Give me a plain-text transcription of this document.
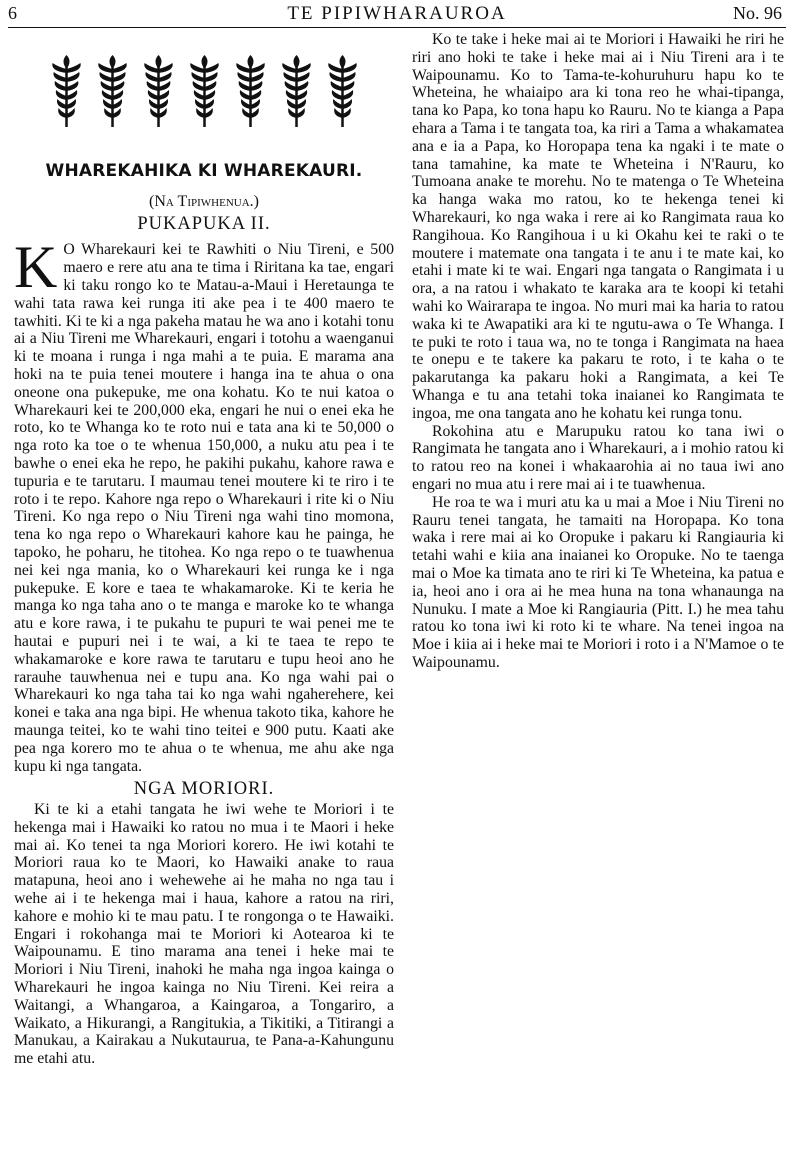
6	TE PIPIWHARAUROA	No. 96
WHAREKAHIKA KI WHAREKAURI.
(Na Tipiwhenua.)
PUKAPUKA II.

K O Wharekauri kei te Rawhiti o Niu Tireni, e 500 maero e rere atu ana te tima i Riritana ka tae, engari ki taku rongo ko te Matau-a-Maui i Heretaunga te wahi tata rawa kei runga iti ake pea i te 400 maero te tawhiti. Ki te ki a nga pakeha matau he wa ano i kotahi tonu ai a Niu Tireni me Wharekauri, engari i totohu a waenganui ki te moana i runga i nga mahi a te puia. E marama ana hoki na te puia tenei moutere i hanga ina te ahua o ona oneone ona pukepuke, me ona kohatu. Ko te nui katoa o Wharekauri kei te 200,000 eka, engari he nui o enei eka he roto, ko te Whanga ko te roto nui e tata ana ki te 50,000 o nga roto ka toe o te whenua 150,000, a nuku atu pea i te bawhe o enei eka he repo, he pakihi pukahu, kahore rawa e tupuria e te tarutaru. I maumau tenei moutere ki te riro i te roto i te repo. Kahore nga repo o Wharekauri i rite ki o Niu Tireni. Ko nga repo o Niu Tireni nga wahi tino momona, tena ko nga repo o Wharekauri kahore kau he painga, he tapoko, he poharu, he titohea. Ko nga repo o te tuawhenua nei kei nga mania, ko o Wharekauri kei runga ke i nga pukepuke. E kore e taea te whakamaroke. Ki te keria he manga ko nga taha ano o te manga e maroke ko te whanga atu e kore rawa, i te pukahu te pupuri te wai penei me te hautai e pupuri nei i te wai, a ki te taea te repo te whakamaroke e kore rawa te tarutaru e tupu heoi ano he rarauhe tauwhenua nei e tupu ana. Ko nga wahi pai o Wharekauri ko nga taha tai ko nga wahi ngaherehere, kei konei e taka ana nga bipi. He whenua takoto tika, kahore he maunga teitei, ko te wahi tino teitei e 900 putu. Kaati ake pea nga korero mo te ahua o te whenua, me ahu ake nga kupu ki nga tangata.

NGA MORIORI.

Ki te ki a etahi tangata he iwi wehe te Moriori i te hekenga mai i Hawaiki ko ratou no mua i te Maori i heke mai ai. Ko tenei ta nga Moriori korero. He iwi kotahi te Moriori raua ko te Maori, ko Hawaiki anake to raua matapuna, heoi ano i wehewehe ai he maha no nga tau i wehe ai i te hekenga mai i haua, kahore a ratou na riri, kahore e mohio ki te mau patu. I te rongonga o te Hawaiki. Engari i rokohanga mai te Moriori ki Aotearoa ki te Waipounamu. E tino marama ana tenei i heke mai te Moriori i Niu Tireni, inahoki he maha nga ingoa kainga o Wharekauri he ingoa kainga no Niu Tireni. Kei reira a Waitangi, a Whangaroa, a Kaingaroa, a Tongariro, a Waikato, a Hikurangi, a Rangitukia, a Tikitiki, a Titirangi a Manukau, a Kairakau a Nukutaurua, te Pana-a-Kahungunu me etahi atu.

Ko te take i heke mai ai te Moriori i Hawaiki he riri he riri ano hoki te take i heke mai ai i Niu Tireni ara i te Waipounamu. Ko to Tama-te-kohuruhuru hapu ko te Wheteina, he whaiaipo ara ki tona reo he whai-tipanga, tana ko Papa, ko tona hapu ko Rauru. No te kianga a Papa ehara a Tama i te tangata toa, ka riri a Tama a whakamatea ana e ia a Papa, ko Horopapa tena ka ngaki i te mate o tana tamahine, ka mate te Wheteina i N'Rauru, ko Tumoana anake te morehu. No te matenga o Te Wheteina ka hanga waka mo ratou, ko te hekenga tenei ki Wharekauri, ko nga waka i rere ai ko Rangimata raua ko Rangihoua. Ko Rangihoua i u ki Okahu kei te raki o te moutere i matemate ona tangata i te anu i te mate kai, ko etahi i mate ki te wai. Engari nga tangata o Rangimata i u ora, a na ratou i whakato te karaka ara te koopi ki tetahi wahi ko Wairarapa te ingoa. No muri mai ka haria to ratou waka ki te Awapatiki ara ki te ngutu-awa o Te Whanga. I te puki te roto i taua wa, no te tonga i Rangimata na haea te onepu e te takere ka pakaru te roto, i te kaha o te pakarutanga ka pakaru hoki a Rangimata, a kei Te Whanga e tu ana tetahi toka inaianei ko Rangimata te ingoa, me ona tangata ano he kohatu kei runga tonu.

Rokohina atu e Marupuku ratou ko tana iwi o Rangimata he tangata ano i Wharekauri, a i mohio ratou ki to ratou reo na konei i whakaarohia ai no taua iwi ano engari no mua atu i rere mai ai i te tuawhenua.

He roa te wa i muri atu ka u mai a Moe i Niu Tireni no Rauru tenei tangata, he tamaiti na Horopapa. Ko tona waka i rere mai ai ko Oropuke i pakaru ki Rangiauria ki tetahi wahi e kiia ana inaianei ko Oropuke. No te taenga mai o Moe ka timata ano te riri ki Te Wheteina, ka patua e ia, heoi ano i ora ai he mea huna na tona whanaunga na Nunuku. I mate a Moe ki Rangiauria (Pitt. I.) he mea tahu ratou ko tona iwi ki roto ki te whare. Na tenei ingoa na Moe i kiia ai i heke mai te Moriori i roto i a N'Mamoe o te Waipounamu.
